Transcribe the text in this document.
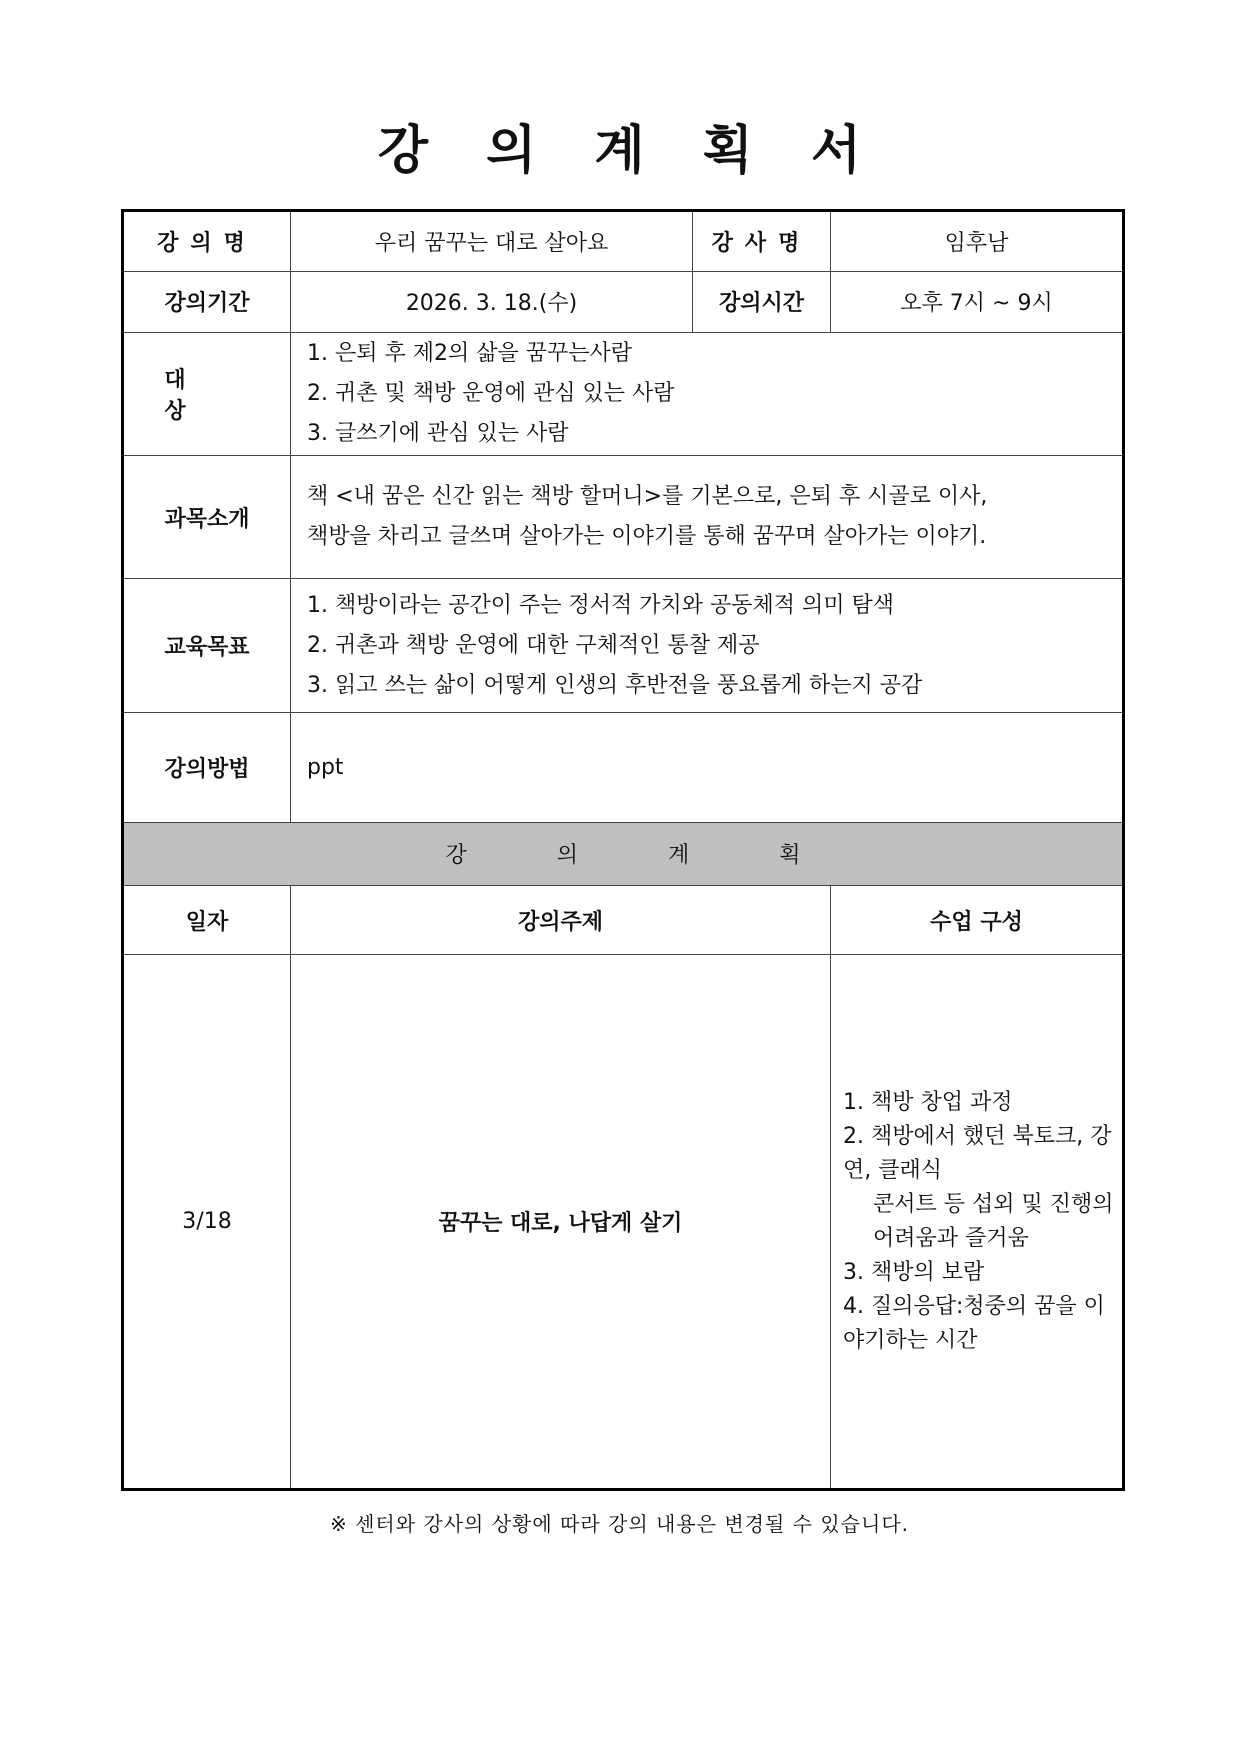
강의계획서
강의명	우리 꿈꾸는 대로 살아요	강사명	임후남
강의기간	2026. 3. 18.(수)	강의시간	오후 7시 ~ 9시
대상	1. 은퇴 후 제2의 삶을 꿈꾸는사람
2. 귀촌 및 책방 운영에 관심 있는 사람
3. 글쓰기에 관심 있는 사람		

과목소개	책 <내 꿈은 신간 읽는 책방 할머니>를 기본으로, 은퇴 후 시골로 이사,
책방을 차리고 글쓰며 살아가는 이야기를 통해 꿈꾸며 살아가는 이야기.		

교육목표	1. 책방이라는 공간이 주는 정서적 가치와 공동체적 의미 탐색
2. 귀촌과 책방 운영에 대한 구체적인 통찰 제공
3. 읽고 쓰는 삶이 어떻게 인생의 후반전을 풍요롭게 하는지 공감		

강의방법	ppt		
강의계획			
일자	강의주제		수업 구성
3/18	꿈꾸는 대로, 나답게 살기		1. 책방 창업 과정
2. 책방에서 했던 북토크, 강연, 클래식
콘서트 등 섭외 및 진행의 어려움과 즐거움
3. 책방의 보람
4. 질의응답:청중의 꿈을 이야기하는 시간
※ 센터와 강사의 상황에 따라 강의 내용은 변경될 수 있습니다.
